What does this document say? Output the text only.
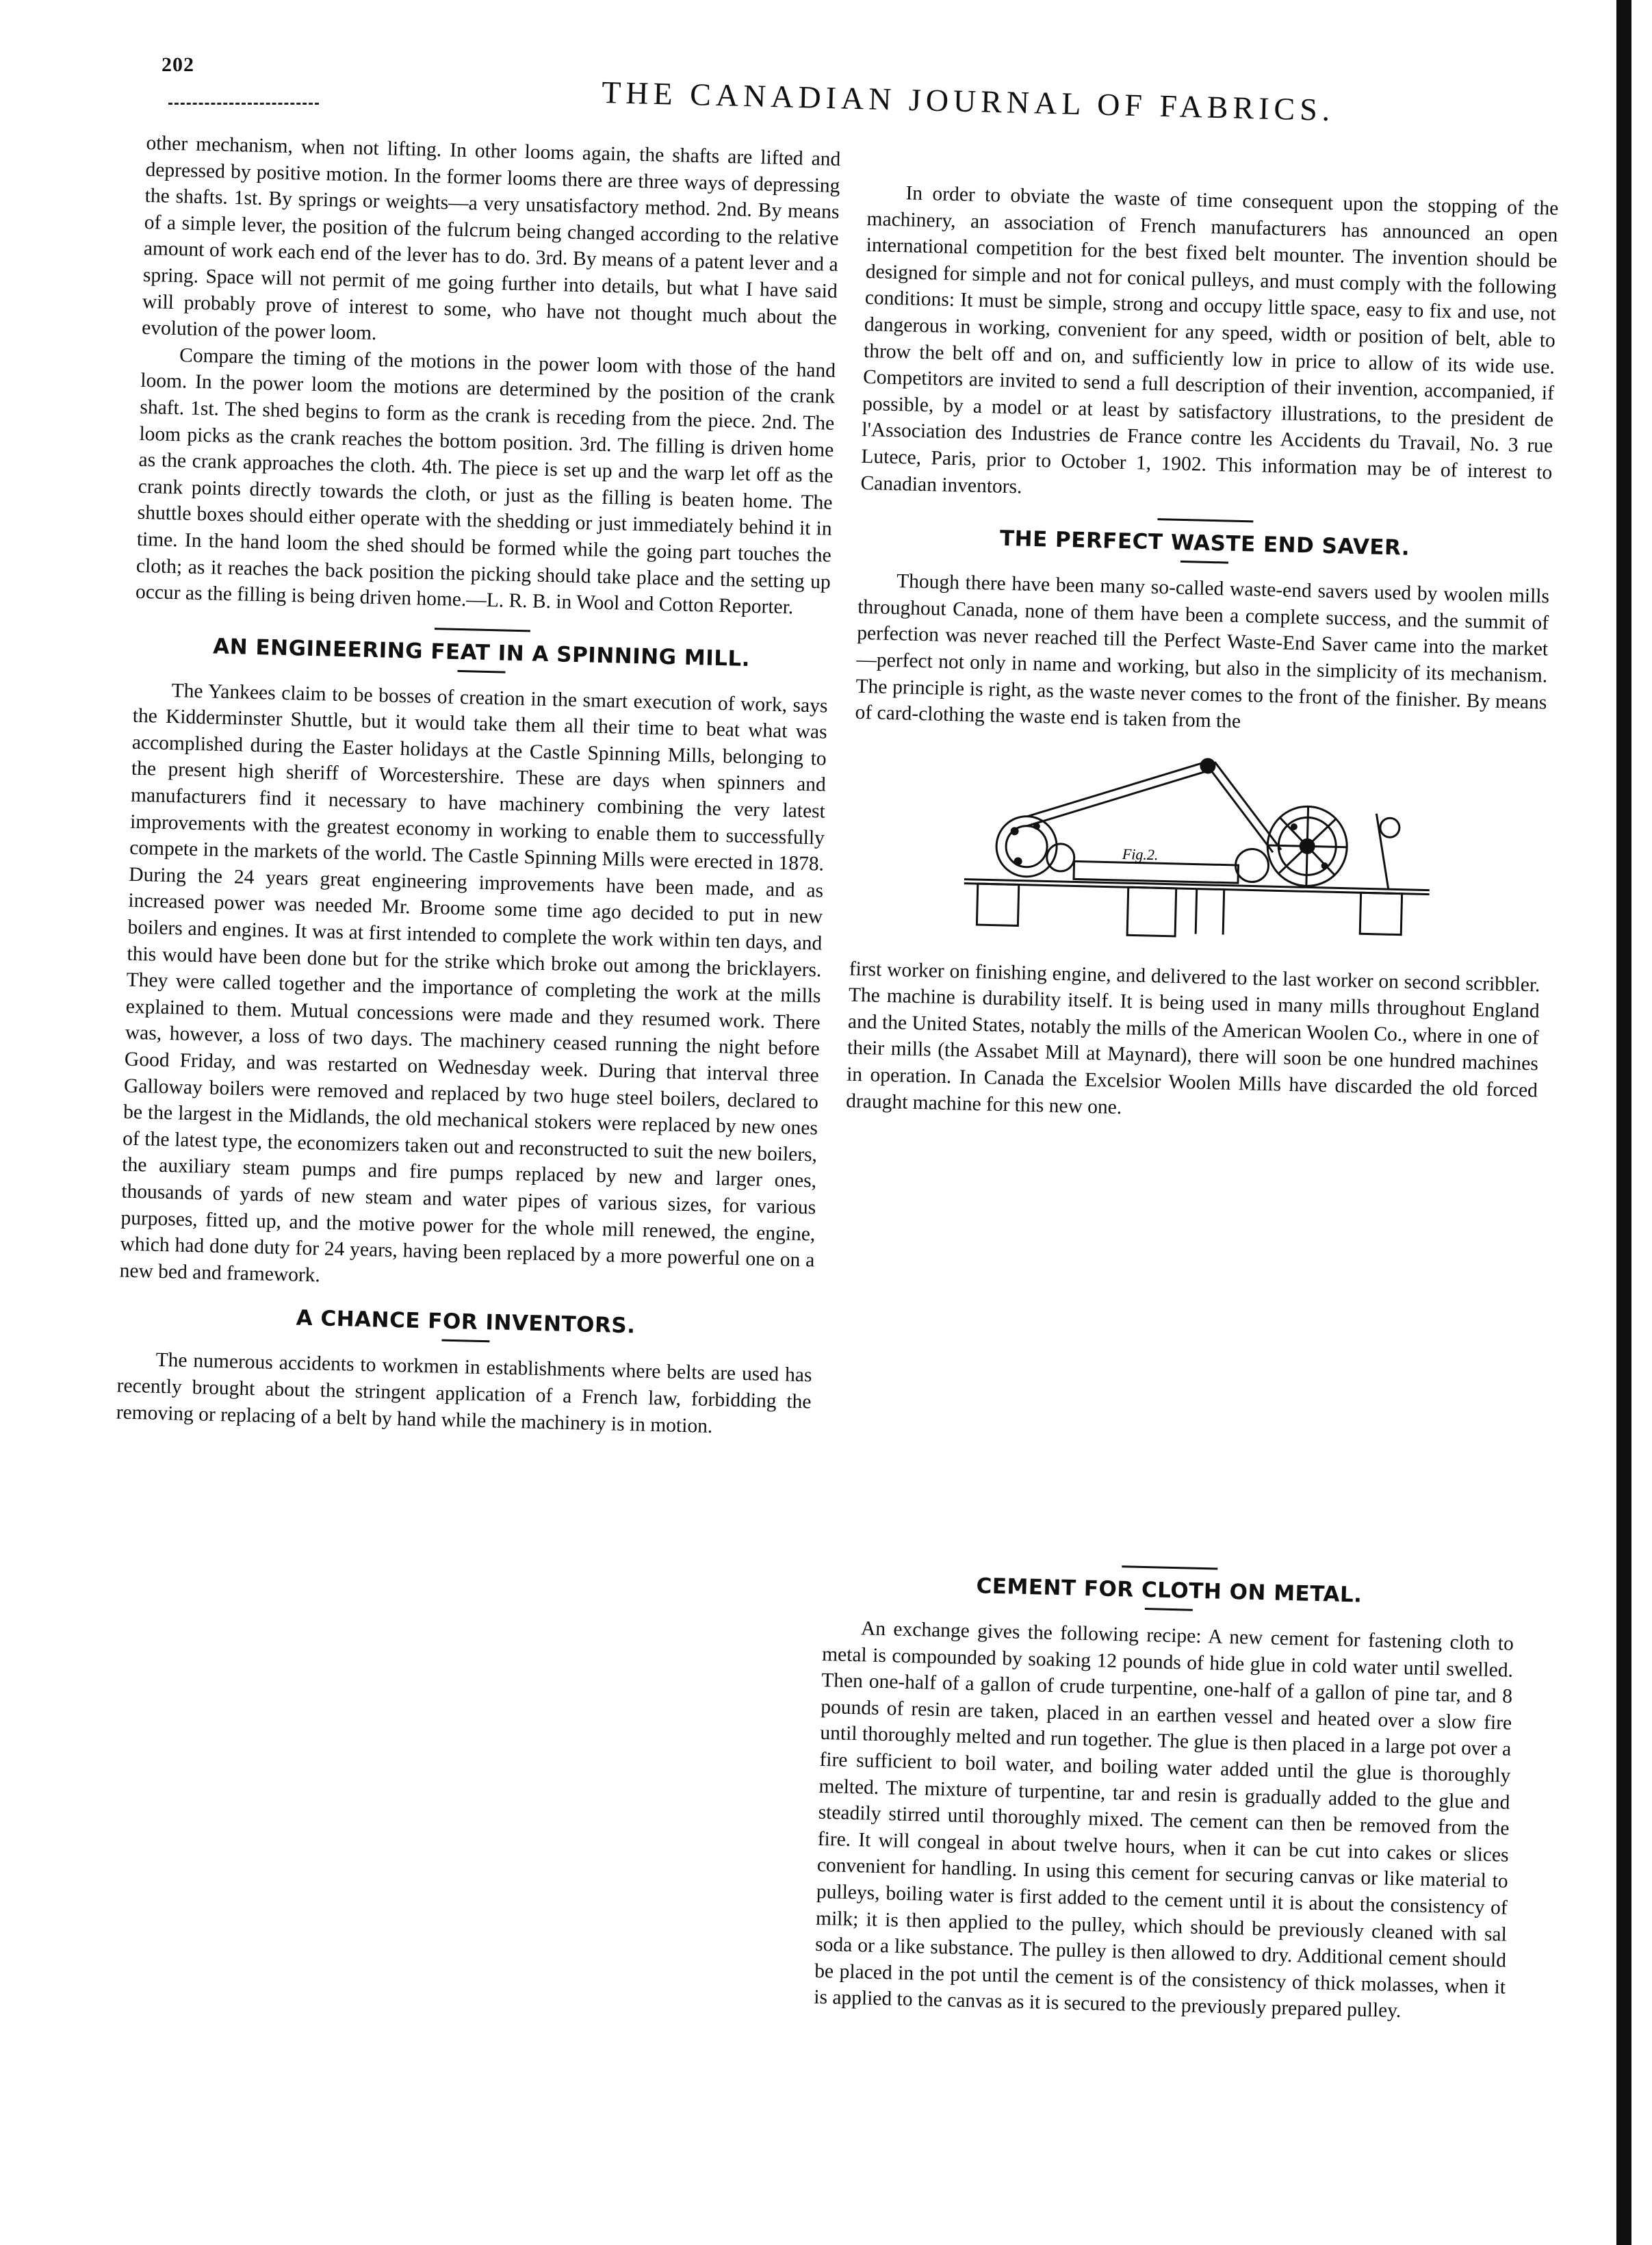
202
THE CANADIAN JOURNAL OF FABRICS.

other mechanism, when not lifting. In other looms again, the shafts are lifted and depressed by positive motion. In the former looms there are three ways of depressing the shafts. 1st. By springs or weights—a very unsatisfactory method. 2nd. By means of a simple lever, the position of the fulcrum being changed according to the relative amount of work each end of the lever has to do. 3rd. By means of a patent lever and a spring. Space will not permit of me going further into details, but what I have said will probably prove of interest to some, who have not thought much about the evolution of the power loom.

Compare the timing of the motions in the power loom with those of the hand loom. In the power loom the motions are determined by the position of the crank shaft. 1st. The shed begins to form as the crank is receding from the piece. 2nd. The loom picks as the crank reaches the bottom position. 3rd. The filling is driven home as the crank approaches the cloth. 4th. The piece is set up and the warp let off as the crank points directly towards the cloth, or just as the filling is beaten home. The shuttle boxes should either operate with the shedding or just immediately behind it in time. In the hand loom the shed should be formed while the going part touches the cloth; as it reaches the back position the picking should take place and the setting up occur as the filling is being driven home.—L. R. B. in Wool and Cotton Reporter.

AN ENGINEERING FEAT IN A SPINNING MILL.

The Yankees claim to be bosses of creation in the smart execution of work, says the Kidderminster Shuttle, but it would take them all their time to beat what was accomplished during the Easter holidays at the Castle Spinning Mills, belonging to the present high sheriff of Worcestershire. These are days when spinners and manufacturers find it necessary to have machinery combining the very latest improvements with the greatest economy in working to enable them to successfully compete in the markets of the world. The Castle Spinning Mills were erected in 1878. During the 24 years great engineering improvements have been made, and as increased power was needed Mr. Broome some time ago decided to put in new boilers and engines. It was at first intended to complete the work within ten days, and this would have been done but for the strike which broke out among the bricklayers. They were called together and the importance of completing the work at the mills explained to them. Mutual concessions were made and they resumed work. There was, however, a loss of two days. The machinery ceased running the night before Good Friday, and was restarted on Wednesday week. During that interval three Galloway boilers were removed and replaced by two huge steel boilers, declared to be the largest in the Midlands, the old mechanical stokers were replaced by new ones of the latest type, the economizers taken out and reconstructed to suit the new boilers, the auxiliary steam pumps and fire pumps replaced by new and larger ones, thousands of yards of new steam and water pipes of various sizes, for various purposes, fitted up, and the motive power for the whole mill renewed, the engine, which had done duty for 24 years, having been replaced by a more powerful one on a new bed and framework.

A CHANCE FOR INVENTORS.

The numerous accidents to workmen in establishments where belts are used has recently brought about the stringent application of a French law, forbidding the removing or replacing of a belt by hand while the machinery is in motion.

In order to obviate the waste of time consequent upon the stopping of the machinery, an association of French manufacturers has announced an open international competition for the best fixed belt mounter. The invention should be designed for simple and not for conical pulleys, and must comply with the following conditions: It must be simple, strong and occupy little space, easy to fix and use, not dangerous in working, convenient for any speed, width or position of belt, able to throw the belt off and on, and sufficiently low in price to allow of its wide use. Competitors are invited to send a full description of their invention, accompanied, if possible, by a model or at least by satisfactory illustrations, to the president de l'Association des Industries de France contre les Accidents du Travail, No. 3 rue Lutece, Paris, prior to October 1, 1902. This information may be of interest to Canadian inventors.

THE PERFECT WASTE END SAVER.

Though there have been many so-called waste-end savers used by woolen mills throughout Canada, none of them have been a complete success, and the summit of perfection was never reached till the Perfect Waste-End Saver came into the market—perfect not only in name and working, but also in the simplicity of its mechanism. The principle is right, as the waste never comes to the front of the finisher. By means of card-clothing the waste end is taken from the

Fig.2.

first worker on finishing engine, and delivered to the last worker on second scribbler. The machine is durability itself. It is being used in many mills throughout England and the United States, notably the mills of the American Woolen Co., where in one of their mills (the Assabet Mill at Maynard), there will soon be one hundred machines in operation. In Canada the Excelsior Woolen Mills have discarded the old forced draught machine for this new one.

CEMENT FOR CLOTH ON METAL.

An exchange gives the following recipe: A new cement for fastening cloth to metal is compounded by soaking 12 pounds of hide glue in cold water until swelled. Then one-half of a gallon of crude turpentine, one-half of a gallon of pine tar, and 8 pounds of resin are taken, placed in an earthen vessel and heated over a slow fire until thoroughly melted and run together. The glue is then placed in a large pot over a fire sufficient to boil water, and boiling water added until the glue is thoroughly melted. The mixture of turpentine, tar and resin is gradually added to the glue and steadily stirred until thoroughly mixed. The cement can then be removed from the fire. It will congeal in about twelve hours, when it can be cut into cakes or slices convenient for handling. In using this cement for securing canvas or like material to pulleys, boiling water is first added to the cement until it is about the consistency of milk; it is then applied to the pulley, which should be previously cleaned with sal soda or a like substance. The pulley is then allowed to dry. Additional cement should be placed in the pot until the cement is of the consistency of thick molasses, when it is applied to the canvas as it is secured to the previously prepared pulley.
